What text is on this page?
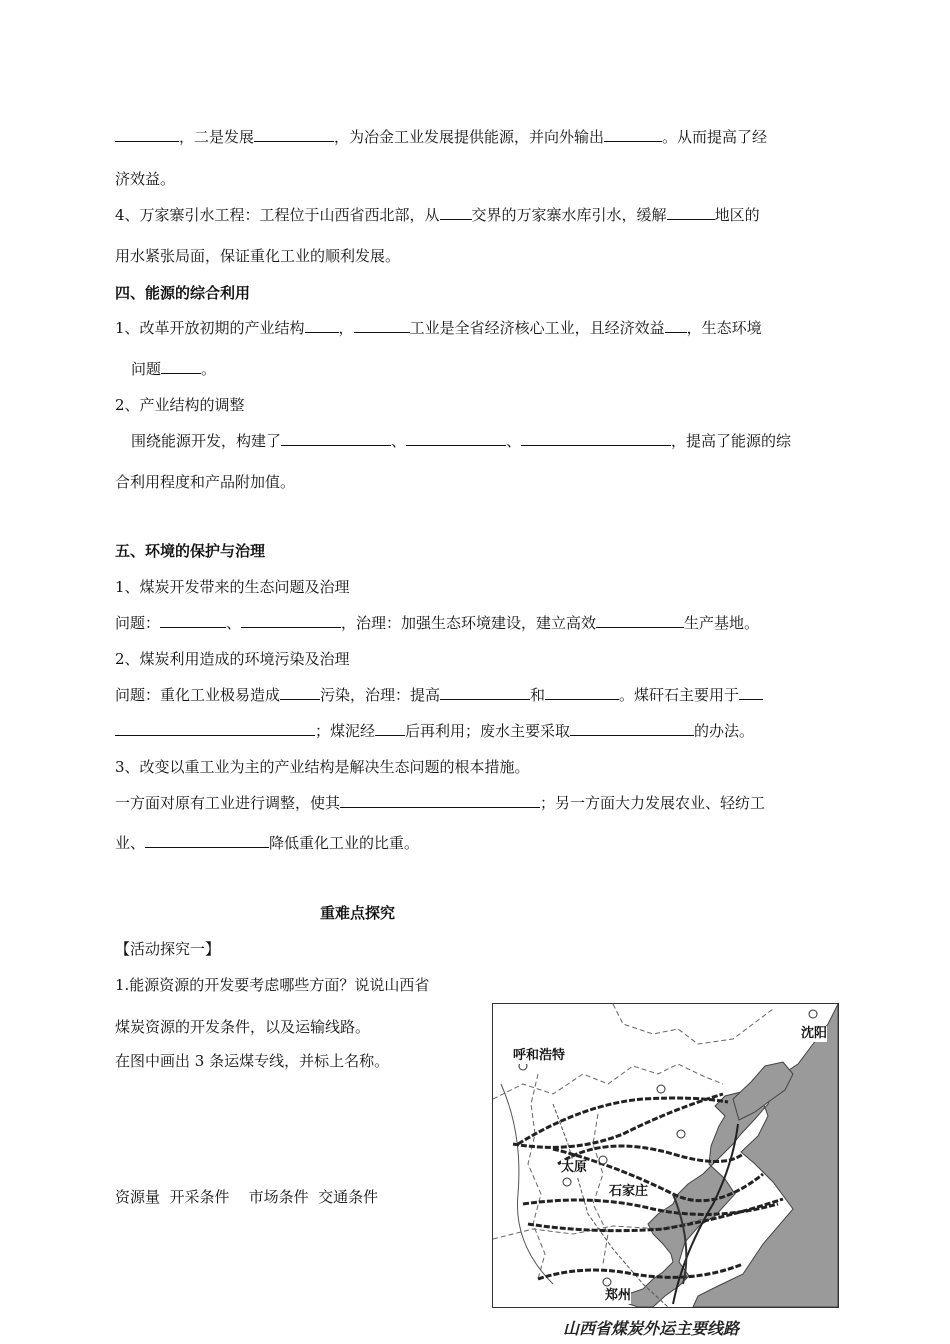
，二是发展	，为冶金工业发展提供能源，并向外输出	。从而提高了经
济效益。
4、万家寨引水工程：工程位于山西省西北部，从 交界的万家寨水库引水，缓解	地区的
用水紧张局面，保证重化工业的顺利发展。
四、能源的综合利用
1、改革开放初期的产业结构 ，	工业是全省经济核心工业，且经济效益 ，生态环境
问题	。
2、产业结构的调整
围绕能源开发，构建了	、	、	，提高了能源的综
合利用程度和产品附加值。
五、环境的保护与治理
1、煤炭开发带来的生态问题及治理
问题：	、	，治理：加强生态环境建设，建立高效	生产基地。
2、煤炭利用造成的环境污染及治理
问题：重化工业极易造成	污染，治理：提高	和	。煤矸石主要用于
；煤泥经 后再利用；废水主要采取	的办法。
3、改变以重工业为主的产业结构是解决生态问题的根本措施。
一方面对原有工业进行调整，使其	；另一方面大力发展农业、轻纺工
业、	降低重化工业的比重。
重难点探究
【活动探究一】
1.能源资源的开发要考虑哪些方面？说说山西省
煤炭资源的开发条件，以及运输线路。
在图中画出 3 条运煤专线，并标上名称。
资源量  开采条件    市场条件  交通条件
沈阳
呼和浩特
太原
石家庄
郑州
山西省煤炭外运主要线路
